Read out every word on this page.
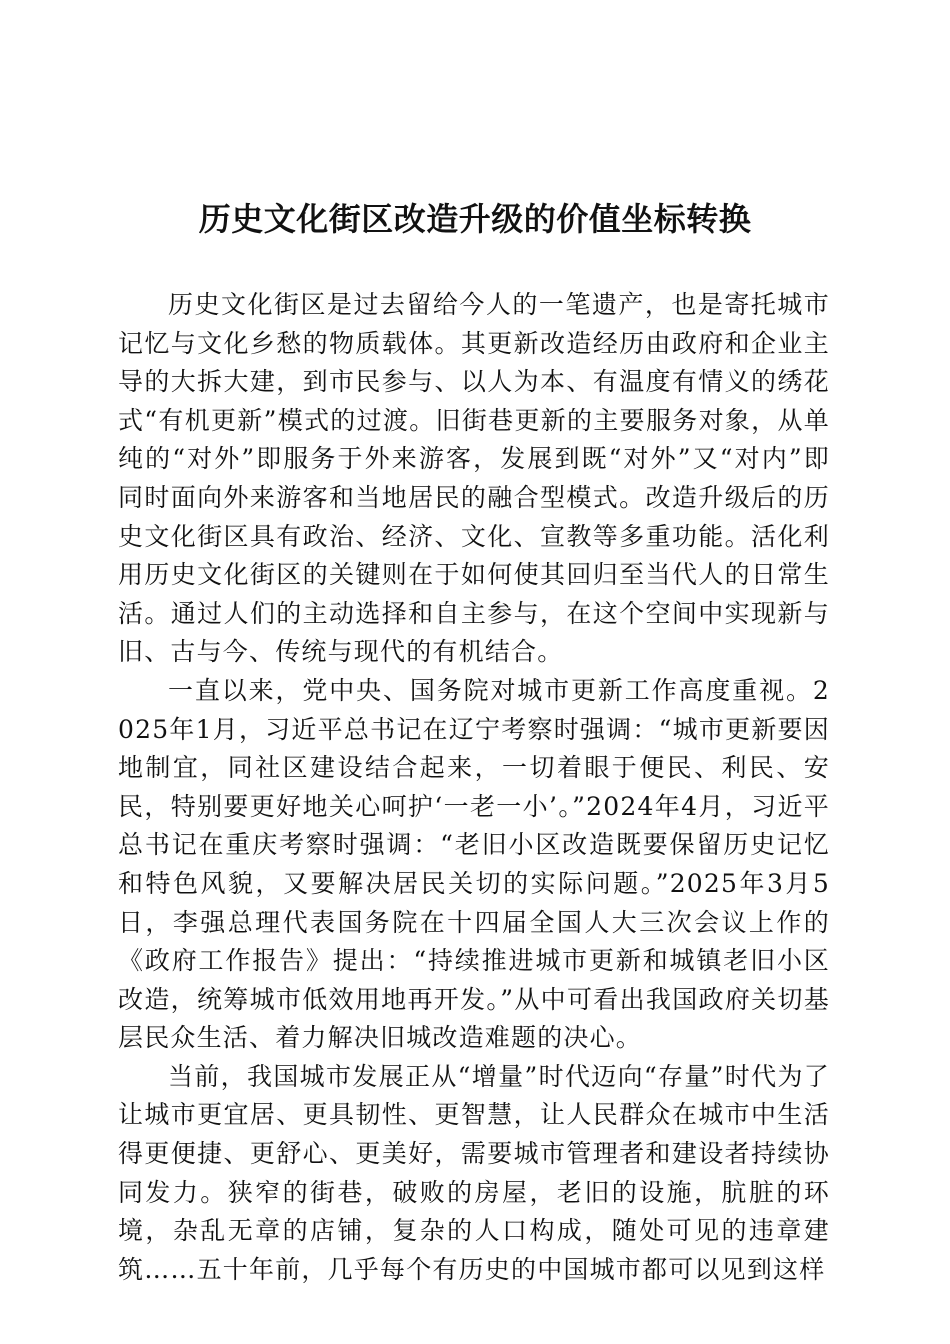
历史文化街区改造升级的价值坐标转换

历史文化街区是过去留给今人的一笔遗产，也是寄托城市记忆与文化乡愁的物质载体。其更新改造经历由政府和企业主导的大拆大建，到市民参与、以人为本、有温度有情义的绣花式“有机更新”模式的过渡。旧街巷更新的主要服务对象，从单纯的“对外”即服务于外来游客，发展到既“对外”又“对内”即同时面向外来游客和当地居民的融合型模式。改造升级后的历史文化街区具有政治、经济、文化、宣教等多重功能。活化利用历史文化街区的关键则在于如何使其回归至当代人的日常生活。通过人们的主动选择和自主参与，在这个空间中实现新与旧、古与今、传统与现代的有机结合。

一直以来，党中央、国务院对城市更新工作高度重视。2025年1月，习近平总书记在辽宁考察时强调：“城市更新要因地制宜，同社区建设结合起来，一切着眼于便民、利民、安民，特别要更好地关心呵护‘一老一小’。”2024年4月，习近平总书记在重庆考察时强调：“老旧小区改造既要保留历史记忆和特色风貌，又要解决居民关切的实际问题。”2025年3月5日，李强总理代表国务院在十四届全国人大三次会议上作的《政府工作报告》提出：“持续推进城市更新和城镇老旧小区改造，统筹城市低效用地再开发。”从中可看出我国政府关切基层民众生活、着力解决旧城改造难题的决心。

当前，我国城市发展正从“增量”时代迈向“存量”时代为了让城市更宜居、更具韧性、更智慧，让人民群众在城市中生活得更便捷、更舒心、更美好，需要城市管理者和建设者持续协同发力。狭窄的街巷，破败的房屋，老旧的设施，肮脏的环境，杂乱无章的店铺，复杂的人口构成，随处可见的违章建筑……五十年前，几乎每个有历史的中国城市都可以见到这样
